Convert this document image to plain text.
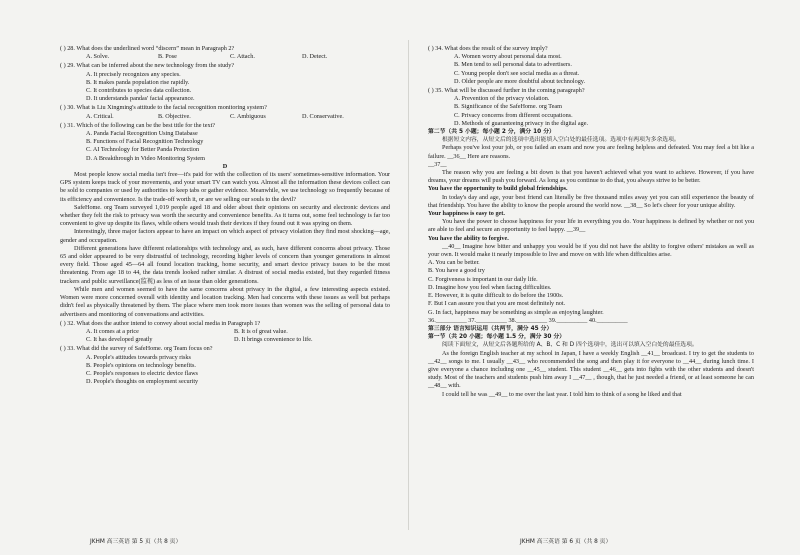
( ) 28. What does the underlined word “discern” mean in Paragraph 2?
A. Solve.	B. Pose	C. Attach.	D. Detect.
( ) 29. What can be inferred about the new technology from the study?
A. It precisely recognizes any species.
B. It makes panda population rise rapidly.
C. It contributes to species data collection.
D. It understands pandas' facial appearance.
( ) 30. What is Liu Xingming's attitude to the facial recognition monitoring system?
A. Critical.	B. Objective.	C. Ambiguous	D. Conservative.
( ) 31. Which of the following can be the best title for the text?
A. Panda Facial Recognition Using Database
B. Functions of Facial Recognition Technology
C. AI Technology for Better Panda Protection
D. A Breakthrough in Video Monitoring System
D
Most people know social media isn't free—it's paid for with the collection of its users' sometimes-sensitive information. Your GPS system keeps track of your movements, and your smart TV can watch you. Almost all the information these devices collect can be sold to companies or used by authorities to keep tabs or gather evidence. Meanwhile, we use technology so frequently because of its efficiency and convenience. Is the trade-off worth it, or are we selling our souls to the devil?
SafeHome. org Team surveyed 1,019 people aged 18 and older about their opinions on security and electronic devices and whether they felt the risk to privacy was worth the security and convenience benefits. As it turns out, some feel technology is far too convenient to give up despite its flaws, while others would trash their devices if they found out it was spying on them.
Interestingly, three major factors appear to have an impact on which aspect of privacy violation they find most shocking—age, gender and occupation.
Different generations have different relationships with technology and, as such, have different concerns about privacy. Those 65 and older appeared to be very distrustful of technology, recording higher levels of concern than younger generations in almost every field. Those aged 45—64 all found location tracking, home security, and smart device privacy issues to be the most threatening. From age 18 to 44, the data trends looked rather similar. A distrust of social media existed, but they regarded fitness trackers and public surveillance(监视) as less of an issue than older generations.
While men and women seemed to have the same concerns about privacy in the digital, a few interesting aspects existed. Women were more concerned overall with identity and location tracking. Men had concerns with these issues as well but perhaps didn't feel as physically threatened by them. The place where men took more issues than women was the selling of personal data to advertisers and monitoring of conversations and activities.
( ) 32. What does the author intend to convey about social media in Paragraph 1?
A. It comes at a price	B. It is of great value.
C. It has developed greatly	D. It brings convenience to life.
( ) 33. What did the survey of SafeHome. org Team focus on?
A. People's attitudes towards privacy risks
B. People's opinions on technology benefits.
C. People's responses to electric device flaws
D. People's thoughts on employment security
( ) 34. What does the result of the survey imply?
A. Women worry about personal data most.
B. Men tend to sell personal data to advertisers.
C. Young people don't see social media as a threat.
D. Older people are more doubtful about technology.
( ) 35. What will be discussed further in the coming paragraph?
A. Prevention of the privacy violation.
B. Significance of the SafeHome. org Team
C. Privacy concerns from different occupations.
D. Methods of guaranteeing privacy in the digital age.
第二节（共 5 小题；每小题 2 分，满分 10 分）
根据短文内容，从短文后的选项中选出能填入空白处的最佳选项。选项中有两项为多余选项。
Perhaps you've lost your job, or you failed an exam and now you are feeling helpless and defeated. You may feel a bit like a failure. __36__ Here are reasons.
__37__
The reason why you are feeling a bit down is that you haven't achieved what you want to achieve. However, if you have dreams, your dreams will push you forward. As long as you continue to do that, you always strive to be better.
You have the opportunity to build global friendships.
In today's day and age, your best friend can literally be five thousand miles away yet you can still experience the beauty of that friendship. You have the ability to know the people around the world now. __38__ So let's cheer for your unique ability.
Your happiness is easy to get.
You have the power to choose happiness for your life in everything you do. Your happiness is defined by whether or not you are able to feel and secure an opportunity to feel happy. __39__
You have the ability to forgive.
__40__ Imagine how bitter and unhappy you would be if you did not have the ability to forgive others' mistakes as well as your own. It would make it nearly impossible to live and move on with life when difficulties arise.
A. You can be better.
B. You have a good try
C. Forgiveness is important in our daily life.
D. Imagine how you feel when facing difficulties.
E. However, it is quite difficult to do before the 1900s.
F. But I can assure you that you are most definitely not.
G. In fact, happiness may be something as simple as enjoying laughter.
36.__________ 37.__________ 38.__________ 39.__________ 40.__________
第三部分 语言知识运用（共两节，满分 45 分）
第一节（共 20 小题；每小题 1.5 分，满分 30 分）
阅读下面短文，从短文后各题所给的 A、B、C 和 D 四个选项中，选出可以填入空白处的最佳选项。
As the foreign English teacher at my school in Japan, I have a weekly English __41__ broadcast. I try to get the students to __42__ songs to me. I usually __43__ who recommended the song and then play it for everyone to __44__ during lunch time. I give everyone a chance including one __45__ student. This student __46__ gets into fights with the other students and doesn't study. Most of the teachers and students push him away I __47__ , though, that he just needed a friend, or at least someone he can __48__ with.
I could tell he was __49__ to me over the last year. I told him to think of a song he liked and that
JKHM 高三英语 第 5 页（共 8 页）	JKHM 高三英语 第 6 页（共 8 页）
